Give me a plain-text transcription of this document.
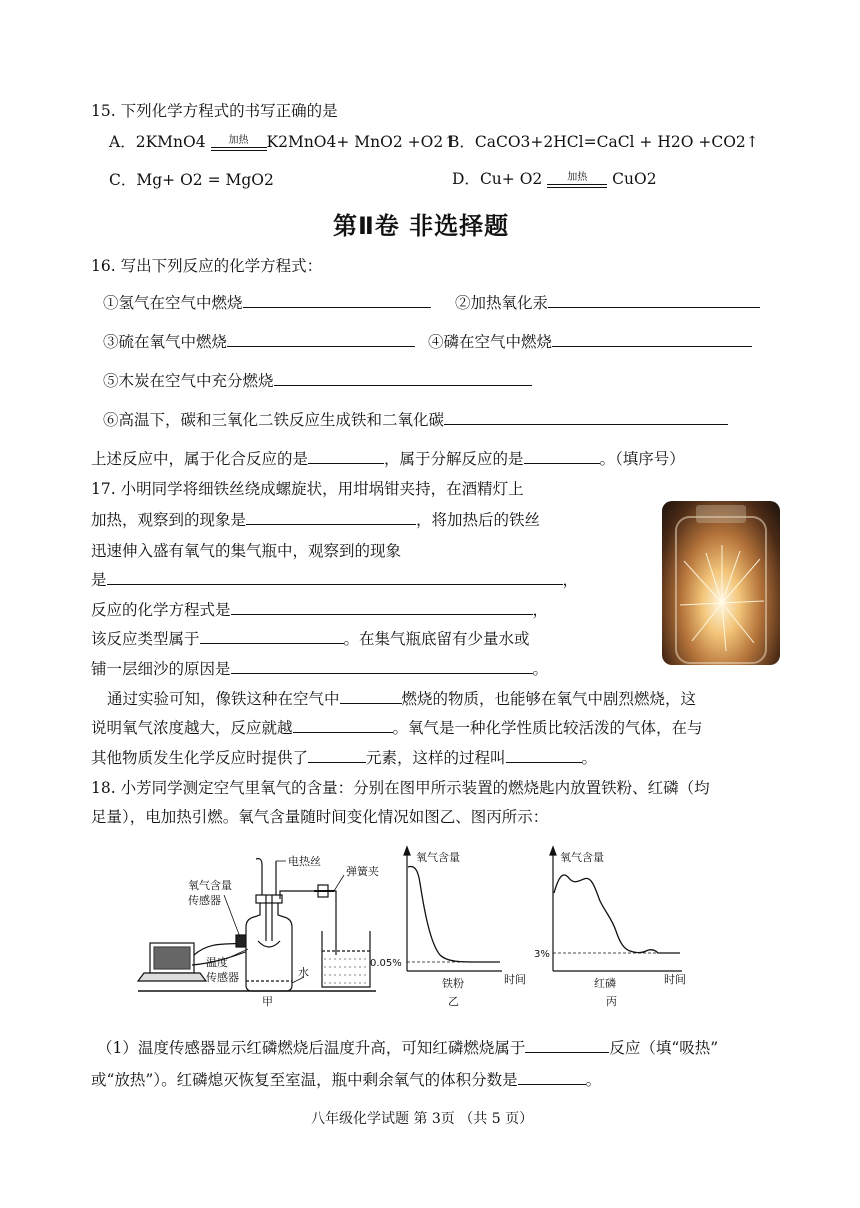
15. 下列化学方程式的书写正确的是
A．2KMnO4	加热	K2MnO4+ MnO2 +O2↑
B．CaCO3+2HCl=CaCl + H2O +CO2↑
C．Mg+ O2 = MgO2	D．Cu+ O2	加热	CuO2
第Ⅱ卷 非选择题
16. 写出下列反应的化学方程式：
①氢气在空气中燃烧	②加热氧化汞
③硫在氧气中燃烧	④磷在空气中燃烧
⑤木炭在空气中充分燃烧
⑥高温下，碳和三氧化二铁反应生成铁和二氧化碳
上述反应中，属于化合反应的是	，属于分解反应的是	。（填序号）
17. 小明同学将细铁丝绕成螺旋状，用坩埚钳夹持，在酒精灯上
加热，观察到的现象是	，将加热后的铁丝
迅速伸入盛有氧气的集气瓶中，观察到的现象
是	，
反应的化学方程式是	，
该反应类型属于	。在集气瓶底留有少量水或
铺一层细沙的原因是	。
通过实验可知，像铁这种在空气中	燃烧的物质，也能够在氧气中剧烈燃烧，这
说明氧气浓度越大，反应就越	。氧气是一种化学性质比较活泼的气体，在与
其他物质发生化学反应时提供了	元素，这样的过程叫	。
18. 小芳同学测定空气里氧气的含量：分别在图甲所示装置的燃烧匙内放置铁粉、红磷（均
足量），电加热引燃。氧气含量随时间变化情况如图乙、图丙所示：
氧气含量
传感器
电热丝
弹簧夹
温度
传感器	水
甲
氧气含量
0.05%
时间
铁粉
乙
氧气含量
3%
时间
红磷
丙
（1）温度传感器显示红磷燃烧后温度升高，可知红磷燃烧属于	反应（填“吸热”
或“放热”）。红磷熄灭恢复至室温，瓶中剩余氧气的体积分数是	。
八年级化学试题 第 3页 （共 5 页）
